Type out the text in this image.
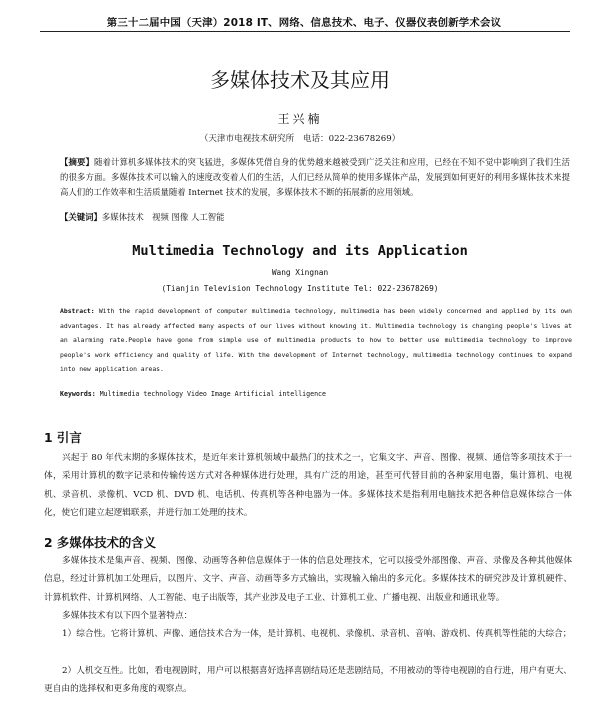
第三十二届中国（天津）2018 IT、网络、信息技术、电子、仪器仪表创新学术会议
多媒体技术及其应用
王兴楠
（天津市电视技术研究所　电话：022-23678269）
【摘要】随着计算机多媒体技术的突飞猛进，多媒体凭借自身的优势越来越被受到广泛关注和应用，已经在不知不觉中影响到了我们生活的很多方面。多媒体技术可以输入的速度改变着人们的生活，人们已经从简单的使用多媒体产品，发展到如何更好的利用多媒体技术来提高人们的工作效率和生活质量随着 Internet 技术的发展，多媒体技术不断的拓展新的应用领域。
【关键词】多媒体技术　视频 图像 人工智能
Multimedia Technology and its Application
Wang Xingnan
(Tianjin Television Technology Institute Tel: 022-23678269)
Abstract: With the rapid development of computer multimedia technology, multimedia has been widely concerned and applied by its own advantages. It has already affected many aspects of our lives without knowing it. Multimedia technology is changing people's lives at an alarming rate.People have gone from simple use of multimedia products to how to better use multimedia technology to improve people's work efficiency and quality of life. With the development of Internet technology, multimedia technology continues to expand into new application areas.
Keywords: Multimedia technology Video Image Artificial intelligence
1 引言
兴起于 80 年代末期的多媒体技术，是近年来计算机领域中最热门的技术之一，它集文字、声音、图像、视频、通信等多项技术于一体，采用计算机的数字记录和传输传送方式对各种媒体进行处理，具有广泛的用途，甚至可代替目前的各种家用电器，集计算机、电视机、录音机、录像机、VCD 机、DVD 机、电话机、传真机等各种电器为一体。多媒体技术是指利用电脑技术把各种信息媒体综合一体化，使它们建立起逻辑联系，并进行加工处理的技术。
2 多媒体技术的含义
多媒体技术是集声音、视频、图像、动画等各种信息媒体于一体的信息处理技术，它可以接受外部图像、声音、录像及各种其他媒体信息，经过计算机加工处理后，以图片、文字、声音、动画等多方式输出，实现输入输出的多元化。多媒体技术的研究涉及计算机硬件、计算机软件、计算机网络、人工智能、电子出版等，其产业涉及电子工业、计算机工业、广播电视、出版业和通讯业等。
多媒体技术有以下四个显著特点：
1）综合性。它将计算机、声像、通信技术合为一体，是计算机、电视机、录像机、录音机、音响、游戏机、传真机等性能的大综合；
2）人机交互性。比如，看电视剧时，用户可以根据喜好选择喜剧结局还是悲剧结局，不用被动的等待电视剧的自行进，用户有更大、更自由的选择权和更多角度的观察点。
